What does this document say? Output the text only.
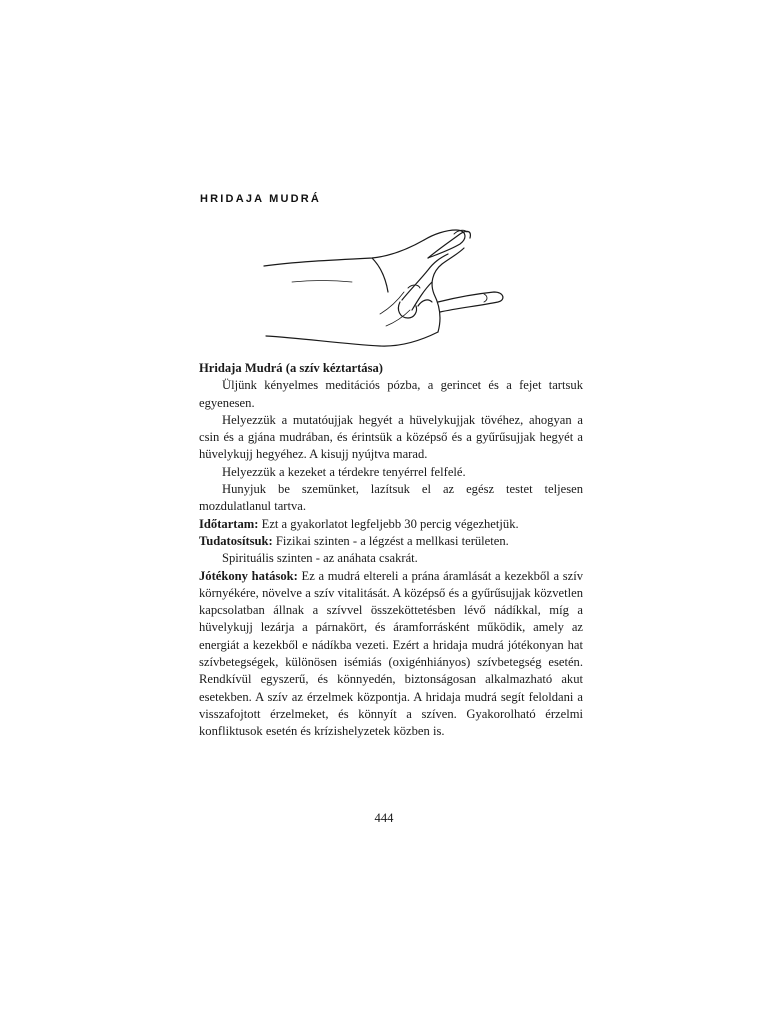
HRIDAJA MUDRÁ

Hridaja Mudrá (a szív kéztartása)

Üljünk kényelmes meditációs pózba, a gerincet és a fejet tartsuk egyenesen.

Helyezzük a mutatóujjak hegyét a hüvelykujjak tövéhez, ahogyan a csin és a gjána mudrában, és érintsük a középső és a gyűrűsujjak hegyét a hüvelykujj hegyéhez. A kisujj nyújtva marad.

Helyezzük a kezeket a térdekre tenyérrel felfelé.

Hunyjuk be szemünket, lazítsuk el az egész testet teljesen mozdulatlanul tartva.

Időtartam: Ezt a gyakorlatot legfeljebb 30 percig végezhetjük.

Tudatosítsuk: Fizikai szinten - a légzést a mellkasi területen.

Spirituális szinten - az anáhata csakrát.

Jótékony hatások: Ez a mudrá eltereli a prána áramlását a kezekből a szív környékére, növelve a szív vitalitását. A középső és a gyűrűsujjak közvetlen kapcsolatban állnak a szívvel összeköttetésben lévő nádíkkal, míg a hüvelykujj lezárja a párnakört, és áramforrásként működik, amely az energiát a kezekből e nádíkba vezeti. Ezért a hridaja mudrá jótékonyan hat szívbetegségek, különösen isémiás (oxigénhiányos) szívbetegség esetén. Rendkívül egyszerű, és könnyedén, biztonságosan alkalmazható akut esetekben. A szív az érzelmek központja. A hridaja mudrá segít feloldani a visszafojtott érzelmeket, és könnyít a szíven. Gyakorolható érzelmi konfliktusok esetén és krízishelyzetek közben is.

444
